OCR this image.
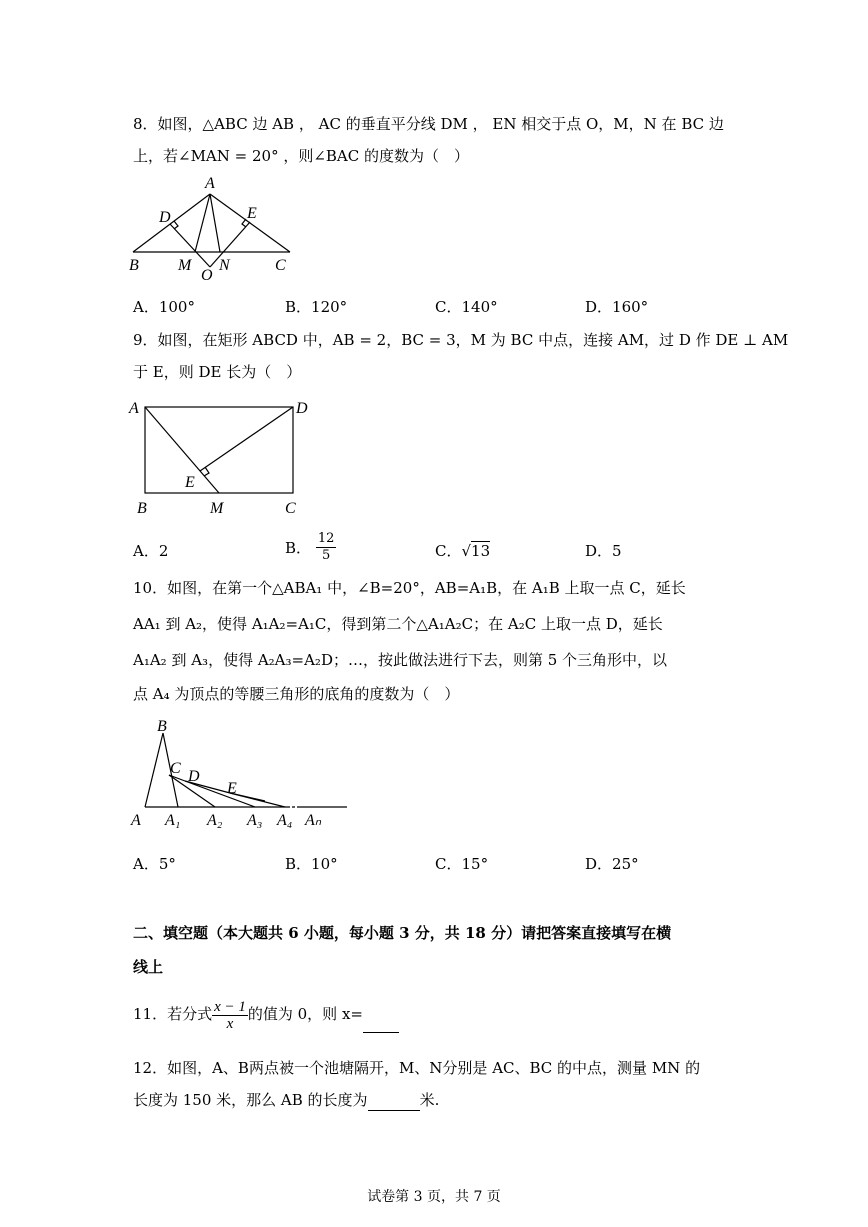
8．如图，△ABC 边 AB ， AC 的垂直平分线 DM ， EN 相交于点 O，M，N 在 BC 边
上，若∠MAN = 20° ，则∠BAC 的度数为（　）
A
B	C
D	E
M N
O
A．100°	B．120°	C．140°	D．160°
9．如图，在矩形 ABCD 中，AB = 2，BC = 3，M 为 BC 中点，连接 AM，过 D 作 DE ⊥ AM
于 E，则 DE 长为（　）
A	D
B	C
M
E
A．2	B． $\frac{12}{5}$	C．√13	D．5
10．如图，在第一个△ABA₁ 中，∠B=20°，AB=A₁B，在 A₁B 上取一点 C，延长
AA₁ 到 A₂，使得 A₁A₂=A₁C，得到第二个△A₁A₂C；在 A₂C 上取一点 D，延长
A₁A₂ 到 A₃，使得 A₂A₃=A₂D；…，按此做法进行下去，则第 5 个三角形中，以
点 A₄ 为顶点的等腰三角形的底角的度数为（　）
B
C D
E
A A₁ A₂ A₃ A₄ Aₙ
A．5°	B．10°	C．15°	D．25°
二、填空题（本大题共 6 小题，每小题 3 分，共 18 分）请把答案直接填写在横
线上
11．若分式 $\frac{x - 1}{x}$ 的值为 0，则 x=
12．如图，A、B两点被一个池塘隔开，M、N分别是 AC、BC 的中点，测量 MN 的
长度为 150 米，那么 AB 的长度为	米.
试卷第 3 页，共 7 页
